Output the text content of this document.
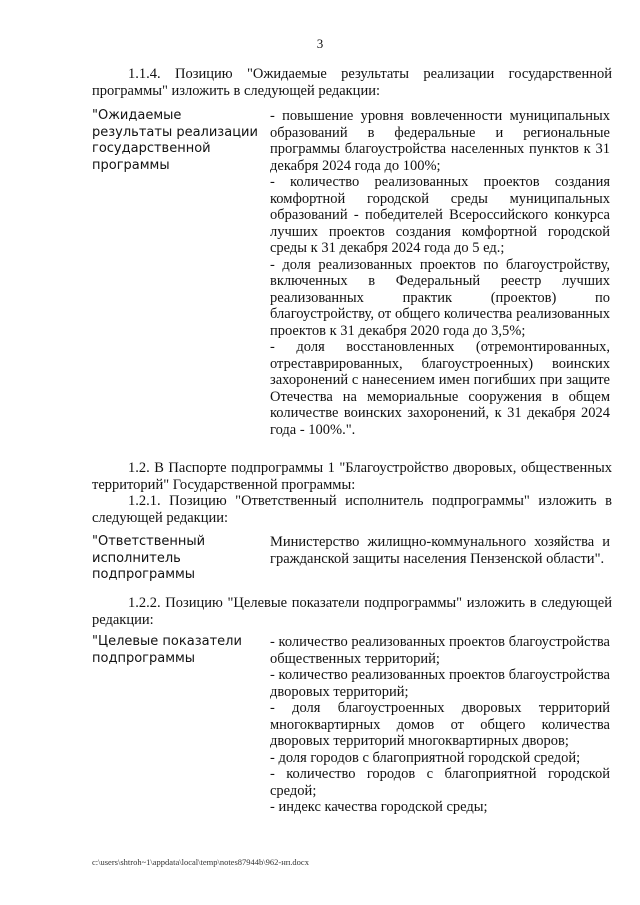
3
1.1.4. Позицию "Ожидаемые результаты реализации государственной программы" изложить в следующей редакции:
"Ожидаемые результаты реализации государственной программы
- повышение уровня вовлеченности муниципальных образований в федеральные и региональные программы благоустройства населенных пунктов к 31 декабря 2024 года до 100%;
- количество реализованных проектов создания комфортной городской среды муниципальных образований - победителей Всероссийского конкурса лучших проектов создания комфортной городской среды к 31 декабря 2024 года до 5 ед.;
- доля реализованных проектов по благоустройству, включенных в Федеральный реестр лучших реализованных практик (проектов) по благоустройству, от общего количества реализованных проектов к 31 декабря 2020 года до 3,5%;
- доля восстановленных (отремонтированных, отреставрированных, благоустроенных) воинских захоронений с нанесением имен погибших при защите Отечества на мемориальные сооружения в общем количестве воинских захоронений, к 31 декабря 2024 года - 100%.".
1.2. В Паспорте подпрограммы 1 "Благоустройство дворовых, общественных территорий" Государственной программы:
1.2.1. Позицию "Ответственный исполнитель подпрограммы" изложить в следующей редакции:
"Ответственный исполнитель подпрограммы
Министерство жилищно-коммунального хозяйства и гражданской защиты населения Пензенской области".
1.2.2. Позицию "Целевые показатели подпрограммы" изложить в следующей редакции:
"Целевые показатели подпрограммы
- количество реализованных проектов благоустройства общественных территорий;
- количество реализованных проектов благоустройства дворовых территорий;
- доля благоустроенных дворовых территорий многоквартирных домов от общего количества дворовых территорий многоквартирных дворов;
- доля городов с благоприятной городской средой;
- количество городов с благоприятной городской средой;
- индекс качества городской среды;
c:\users\shtroh~1\appdata\local\temp\notes87944b\962-нп.docx
